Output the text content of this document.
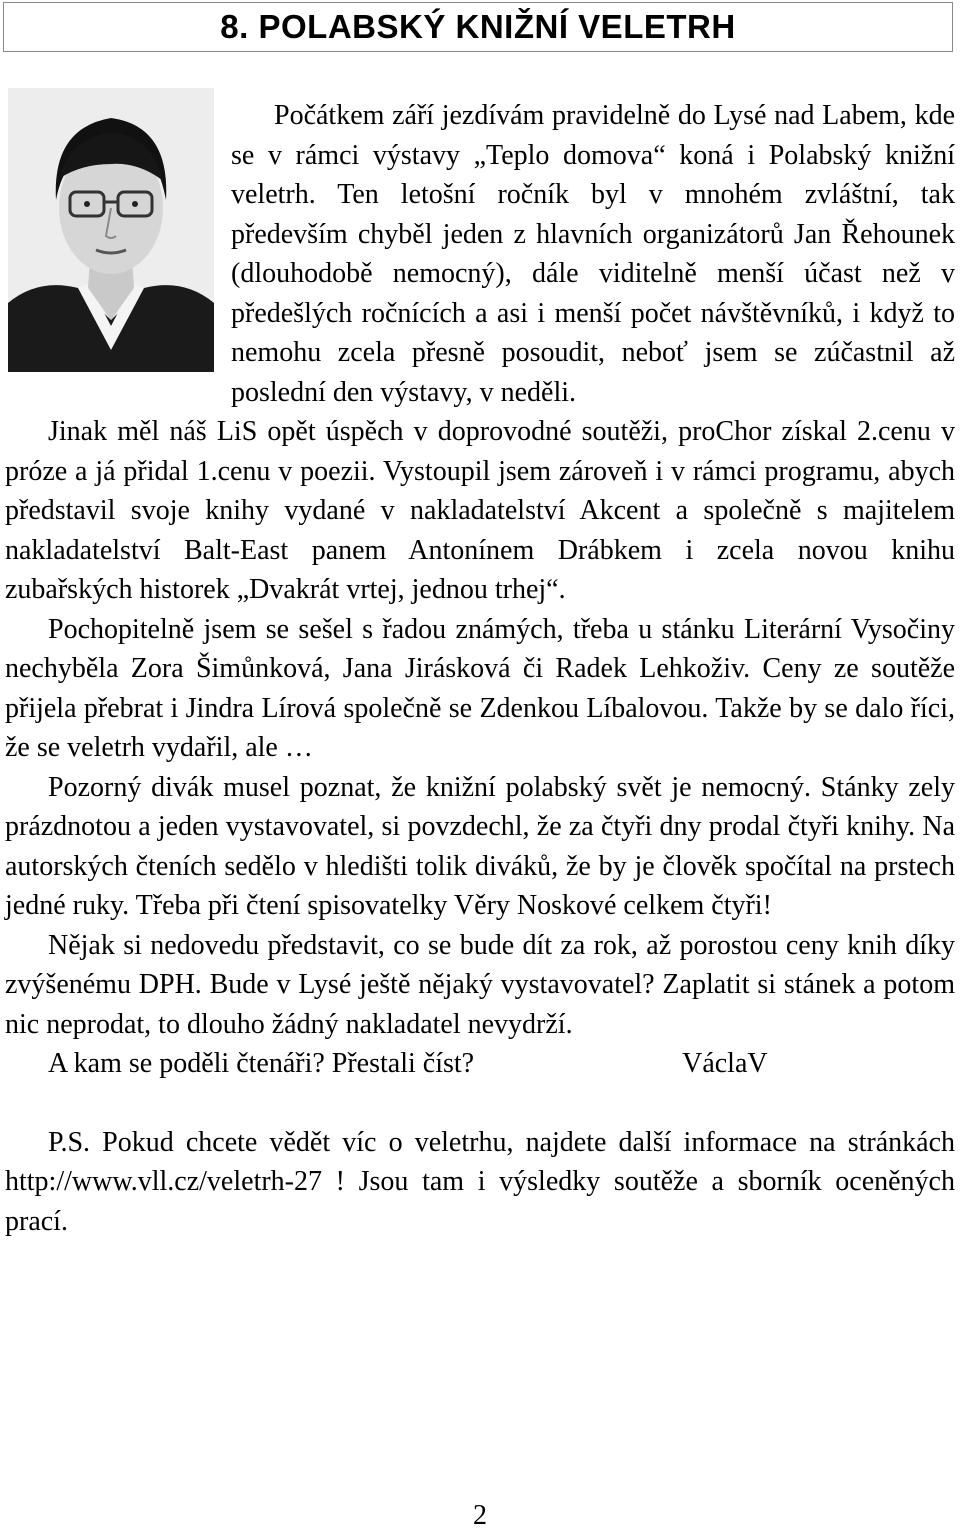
8. POLABSKÝ KNIŽNÍ VELETRH

Počátkem září jezdívám pravidelně do Lysé nad Labem, kde se v rámci výstavy „Teplo domova“ koná i Polabský knižní veletrh. Ten letošní ročník byl v mnohém zvláštní, tak především chyběl jeden z hlavních organizátorů Jan Řehounek (dlouhodobě nemocný), dále viditelně menší účast než v předešlých ročnících a asi i menší počet návštěvníků, i když to nemohu zcela přesně posoudit, neboť jsem se zúčastnil až poslední den výstavy, v neděli.

Jinak měl náš LiS opět úspěch v doprovodné soutěži, proChor získal 2.cenu v próze a já přidal 1.cenu v poezii. Vystoupil jsem zároveň i v rámci programu, abych představil svoje knihy vydané v nakladatelství Akcent a společně s majitelem nakladatelství Balt-East panem Antonínem Drábkem i zcela novou knihu zubařských historek „Dvakrát vrtej, jednou trhej“.

Pochopitelně jsem se sešel s řadou známých, třeba u stánku Literární Vysočiny nechyběla Zora Šimůnková, Jana Jirásková či Radek Lehkoživ. Ceny ze soutěže přijela přebrat i Jindra Lírová společně se Zdenkou Líbalovou. Takže by se dalo říci, že se veletrh vydařil, ale …

Pozorný divák musel poznat, že knižní polabský svět je nemocný. Stánky zely prázdnotou a jeden vystavovatel, si povzdechl, že za čtyři dny prodal čtyři knihy. Na autorských čteních sedělo v hledišti tolik diváků, že by je člověk spočítal na prstech jedné ruky. Třeba při čtení spisovatelky Věry Noskové celkem čtyři!

Nějak si nedovedu představit, co se bude dít za rok, až porostou ceny knih díky zvýšenému DPH. Bude v Lysé ještě nějaký vystavovatel? Zaplatit si stánek a potom nic neprodat, to dlouho žádný nakladatel nevydrží.

A kam se poděli čtenáři? Přestali číst?	VáclaV

P.S. Pokud chcete vědět víc o veletrhu, najdete další informace na stránkách http://www.vll.cz/veletrh-27 ! Jsou tam i výsledky soutěže a sborník oceněných prací.

2
